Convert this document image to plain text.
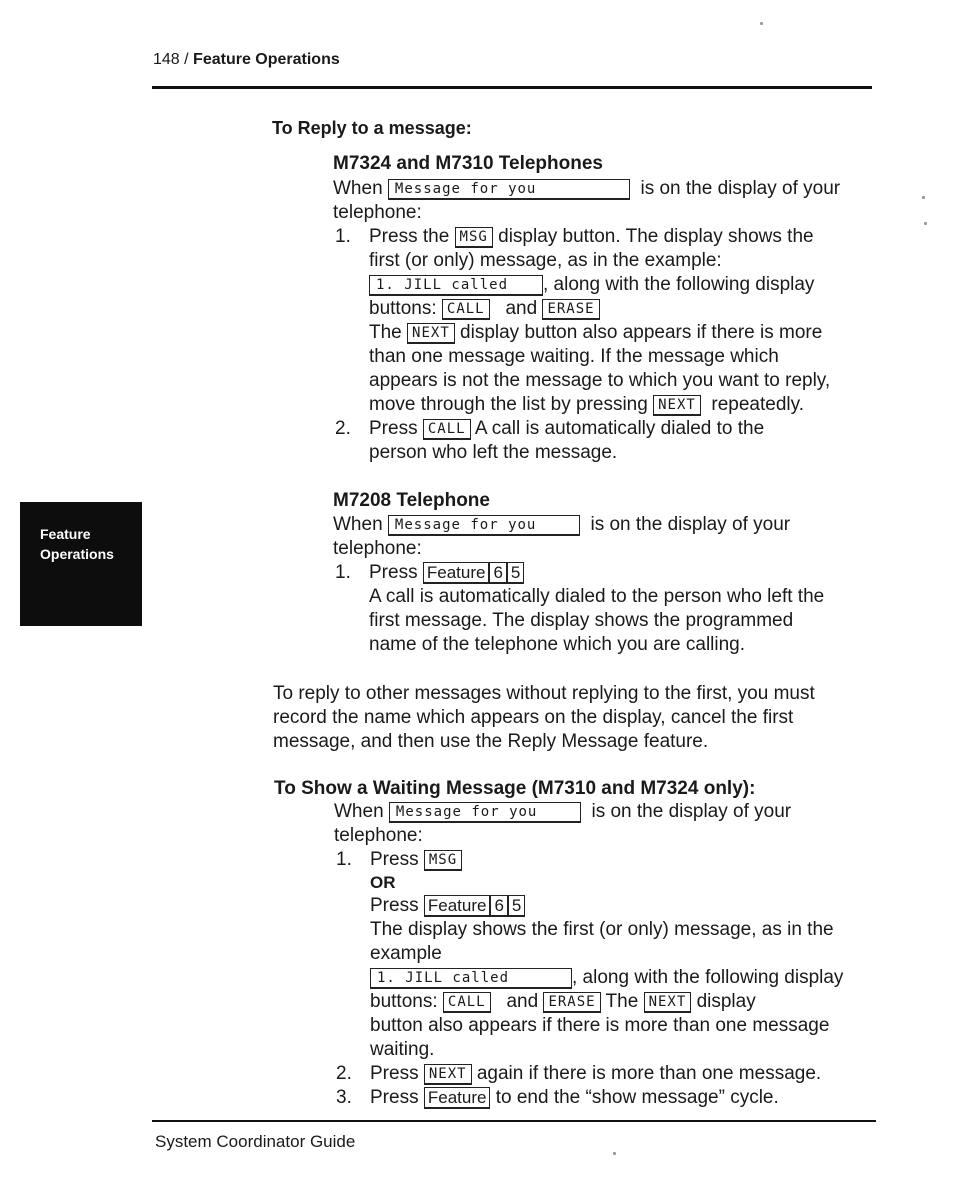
148 / Feature Operations
Feature
Operations
To Reply to a message:
M7324 and M7310 Telephones
When Message for you	is on the display of your
telephone:
1. Press the MSG display button. The display shows the
first (or only) message, as in the example:
1. JILL called , along with the following display
buttons: CALL and ERASE
The NEXT display button also appears if there is more
than one message waiting. If the message which
appears is not the message to which you want to reply,
move through the list by pressing NEXT repeatedly.
2. Press CALL A call is automatically dialed to the
person who left the message.
M7208 Telephone
When Message for you	is on the display of your
telephone:
1. Press Feature 6 5
A call is automatically dialed to the person who left the
first message. The display shows the programmed
name of the telephone which you are calling.
To reply to other messages without replying to the first, you must
record the name which appears on the display, cancel the first
message, and then use the Reply Message feature.
To Show a Waiting Message (M7310 and M7324 only):
When Message for you	is on the display of your
telephone:
1. Press MSG
OR
Press Feature 6 5
The display shows the first (or only) message, as in the
example
1. JILL called	, along with the following display
buttons: CALL and ERASE The NEXT display
button also appears if there is more than one message
waiting.
2. Press NEXT again if there is more than one message.
3. Press Feature to end the “show message” cycle.
System Coordinator Guide
